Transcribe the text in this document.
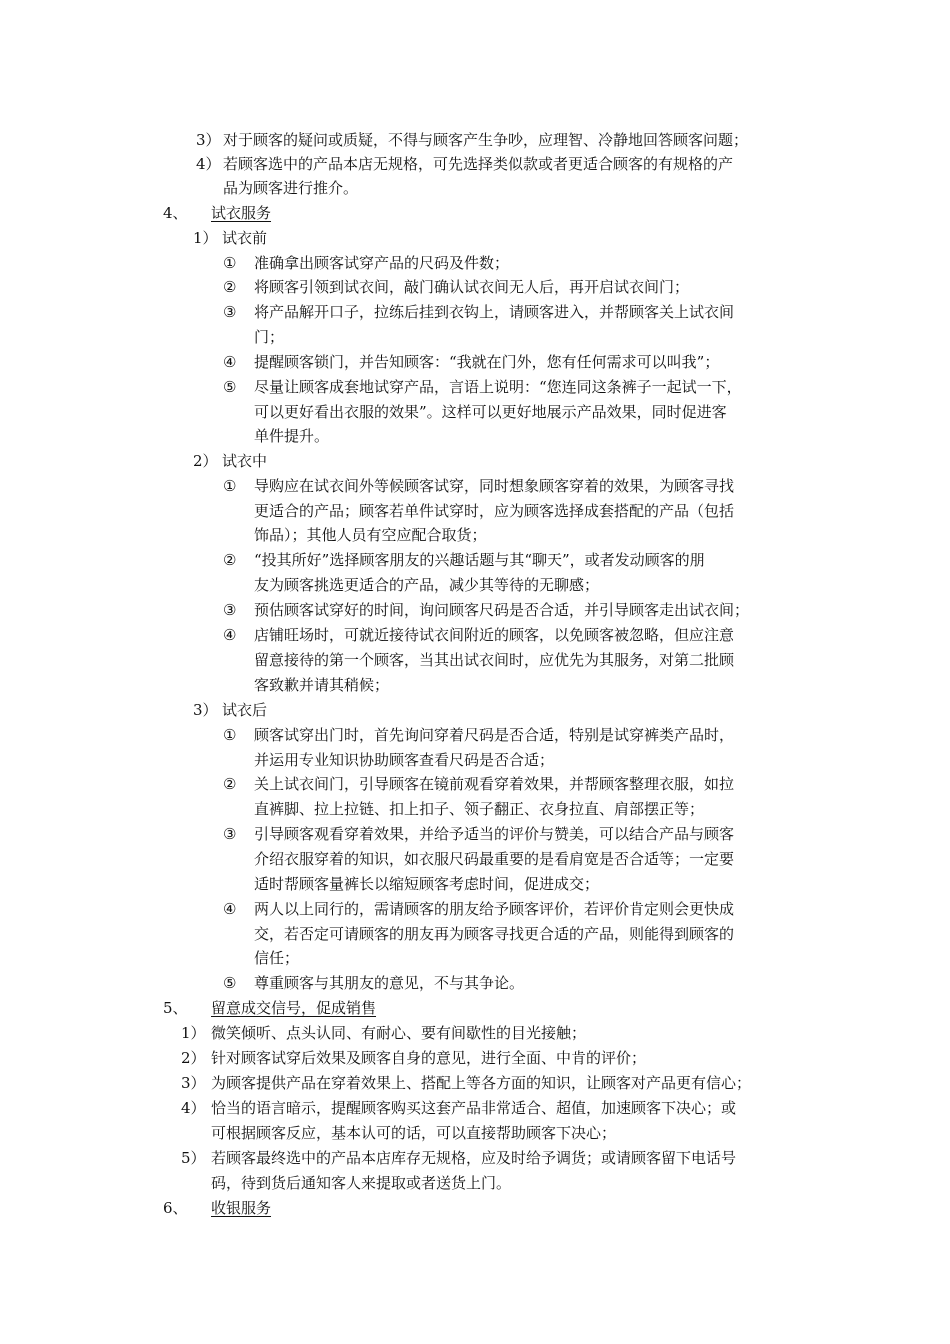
3） 对于顾客的疑问或质疑，不得与顾客产生争吵，应理智、冷静地回答顾客问题；
4） 若顾客选中的产品本店无规格，可先选择类似款或者更适合顾客的有规格的产
品为顾客进行推介。
4、 试衣服务
1） 试衣前
① 准确拿出顾客试穿产品的尺码及件数；
② 将顾客引领到试衣间，敲门确认试衣间无人后，再开启试衣间门；
③ 将产品解开口子，拉练后挂到衣钩上，请顾客进入，并帮顾客关上试衣间
门；
④ 提醒顾客锁门，并告知顾客：“我就在门外，您有任何需求可以叫我”；
⑤ 尽量让顾客成套地试穿产品，言语上说明：“您连同这条裤子一起试一下，
可以更好看出衣服的效果”。这样可以更好地展示产品效果，同时促进客
单件提升。
2） 试衣中
① 导购应在试衣间外等候顾客试穿，同时想象顾客穿着的效果，为顾客寻找
更适合的产品；顾客若单件试穿时，应为顾客选择成套搭配的产品（包括
饰品）；其他人员有空应配合取货；
② “投其所好”选择顾客朋友的兴趣话题与其“聊天”，或者发动顾客的朋
友为顾客挑选更适合的产品，减少其等待的无聊感；
③ 预估顾客试穿好的时间，询问顾客尺码是否合适，并引导顾客走出试衣间；
④ 店铺旺场时，可就近接待试衣间附近的顾客，以免顾客被忽略，但应注意
留意接待的第一个顾客，当其出试衣间时，应优先为其服务，对第二批顾
客致歉并请其稍候；
3） 试衣后
① 顾客试穿出门时，首先询问穿着尺码是否合适，特别是试穿裤类产品时，
并运用专业知识协助顾客查看尺码是否合适；
② 关上试衣间门，引导顾客在镜前观看穿着效果，并帮顾客整理衣服，如拉
直裤脚、拉上拉链、扣上扣子、领子翻正、衣身拉直、肩部摆正等；
③ 引导顾客观看穿着效果，并给予适当的评价与赞美，可以结合产品与顾客
介绍衣服穿着的知识，如衣服尺码最重要的是看肩宽是否合适等；一定要
适时帮顾客量裤长以缩短顾客考虑时间，促进成交；
④ 两人以上同行的，需请顾客的朋友给予顾客评价，若评价肯定则会更快成
交，若否定可请顾客的朋友再为顾客寻找更合适的产品，则能得到顾客的
信任；
⑤ 尊重顾客与其朋友的意见，不与其争论。
5、 留意成交信号，促成销售
1） 微笑倾听、点头认同、有耐心、要有间歇性的目光接触；
2） 针对顾客试穿后效果及顾客自身的意见，进行全面、中肯的评价；
3） 为顾客提供产品在穿着效果上、搭配上等各方面的知识，让顾客对产品更有信心；
4） 恰当的语言暗示，提醒顾客购买这套产品非常适合、超值，加速顾客下决心；或
可根据顾客反应，基本认可的话，可以直接帮助顾客下决心；
5） 若顾客最终选中的产品本店库存无规格，应及时给予调货；或请顾客留下电话号
码，待到货后通知客人来提取或者送货上门。
6、 收银服务
